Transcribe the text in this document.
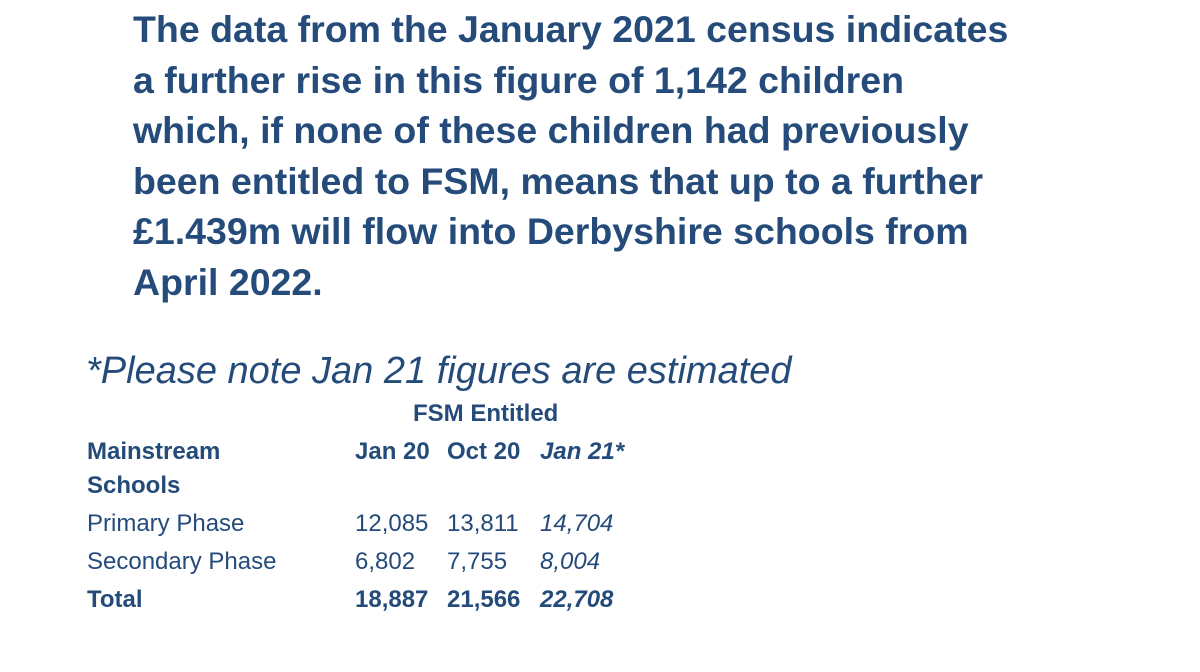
The data from the January 2021 census indicates
a further rise in this figure of 1,142 children
which, if none of these children had previously
been entitled to FSM, means that up to a further
£1.439m will flow into Derbyshire schools from
April 2022.

*Please note Jan 21 figures are estimated

FSM Entitled
Mainstream
Schools
Jan 20 Oct 20 Jan 21*
Primary Phase	12,085 13,811 14,704
Secondary Phase	6,802 7,755 8,004
Total	18,887 21,566 22,708
